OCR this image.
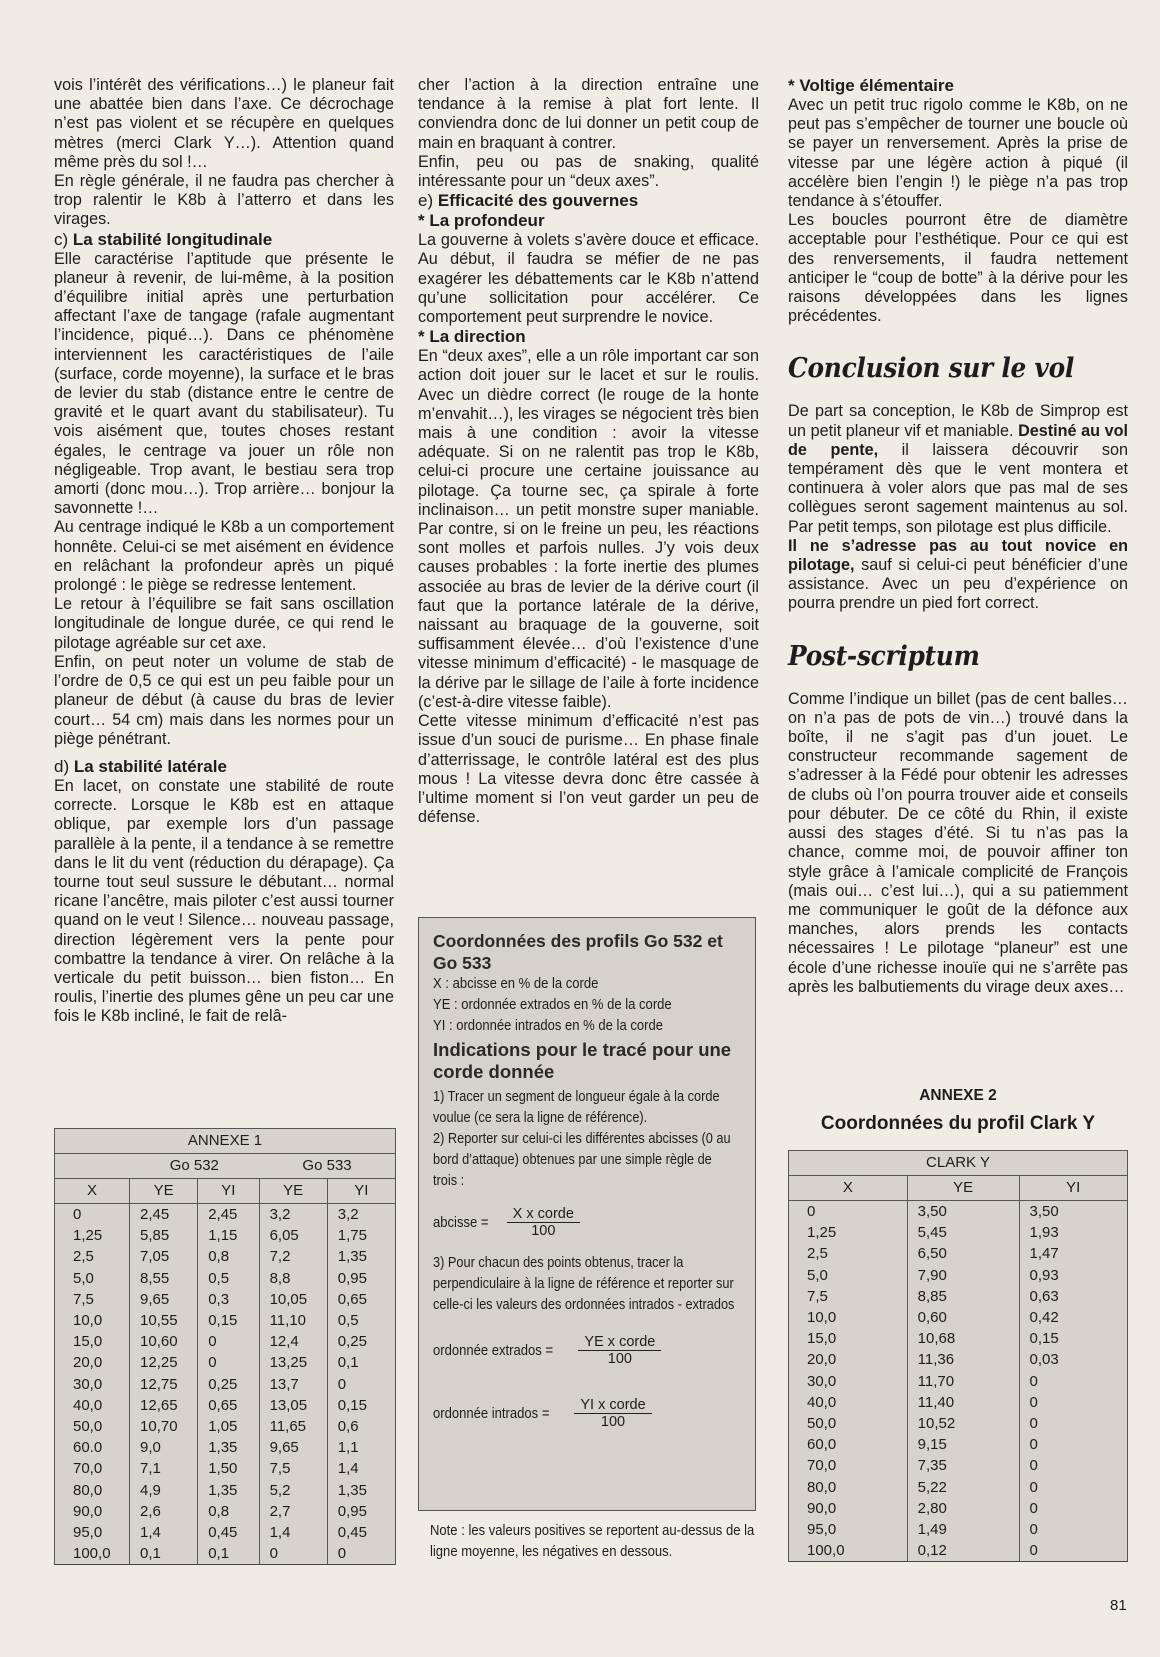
vois l’intérêt des vérifications…) le planeur fait une abattée bien dans l’axe. Ce décrochage n’est pas violent et se récupère en quelques mètres (merci Clark Y…). Attention quand même près du sol !…

En règle générale, il ne faudra pas chercher à trop ralentir le K8b à l’atterro et dans les virages.

c) La stabilité longitudinale

Elle caractérise l’aptitude que présente le planeur à revenir, de lui-même, à la position d’équilibre initial après une perturbation affectant l’axe de tangage (rafale augmentant l’incidence, piqué…). Dans ce phénomène interviennent les caractéristiques de l’aile (surface, corde moyenne), la surface et le bras de levier du stab (distance entre le centre de gravité et le quart avant du stabilisateur). Tu vois aisément que, toutes choses restant égales, le centrage va jouer un rôle non négligeable. Trop avant, le bestiau sera trop amorti (donc mou…). Trop arrière… bonjour la savonnette !…

Au centrage indiqué le K8b a un comportement honnête. Celui-ci se met aisément en évidence en relâchant la profondeur après un piqué prolongé : le piège se redresse lentement.

Le retour à l’équilibre se fait sans oscillation longitudinale de longue durée, ce qui rend le pilotage agréable sur cet axe.

Enfin, on peut noter un volume de stab de l’ordre de 0,5 ce qui est un peu faible pour un planeur de début (à cause du bras de levier court… 54 cm) mais dans les normes pour un piège pénétrant.

d) La stabilité latérale

En lacet, on constate une stabilité de route correcte. Lorsque le K8b est en attaque oblique, par exemple lors d’un passage parallèle à la pente, il a tendance à se remettre dans le lit du vent (réduction du dérapage). Ça tourne tout seul sussure le débutant… normal ricane l’ancêtre, mais piloter c’est aussi tourner quand on le veut ! Silence… nouveau passage, direction légèrement vers la pente pour combattre la tendance à virer. On relâche à la verticale du petit buisson… bien fiston… En roulis, l’inertie des plumes gêne un peu car une fois le K8b incliné, le fait de relâ-

cher l’action à la direction entraîne une tendance à la remise à plat fort lente. Il conviendra donc de lui donner un petit coup de main en braquant à contrer.

Enfin, peu ou pas de snaking, qualité intéressante pour un “deux axes”.

e) Efficacité des gouvernes

* La profondeur

La gouverne à volets s’avère douce et efficace. Au début, il faudra se méfier de ne pas exagérer les débattements car le K8b n’attend qu’une sollicitation pour accélérer. Ce comportement peut surprendre le novice.

* La direction

En “deux axes”, elle a un rôle important car son action doit jouer sur le lacet et sur le roulis. Avec un dièdre correct (le rouge de la honte m’envahit…), les virages se négocient très bien mais à une condition : avoir la vitesse adéquate. Si on ne ralentit pas trop le K8b, celui-ci procure une certaine jouissance au pilotage. Ça tourne sec, ça spirale à forte inclinaison… un petit monstre super maniable. Par contre, si on le freine un peu, les réactions sont molles et parfois nulles. J’y vois deux causes probables : la forte inertie des plumes associée au bras de levier de la dérive court (il faut que la portance latérale de la dérive, naissant au braquage de la gouverne, soit suffisamment élevée… d’où l’existence d’une vitesse minimum d’efficacité) - le masquage de la dérive par le sillage de l’aile à forte incidence (c’est-à-dire vitesse faible).

Cette vitesse minimum d’efficacité n’est pas issue d’un souci de purisme… En phase finale d’atterrissage, le contrôle latéral est des plus mous ! La vitesse devra donc être cassée à l’ultime moment si l’on veut garder un peu de défense.

* Voltige élémentaire

Avec un petit truc rigolo comme le K8b, on ne peut pas s’empêcher de tourner une boucle où se payer un renversement. Après la prise de vitesse par une légère action à piqué (il accélère bien l’engin !) le piège n’a pas trop tendance à s’étouffer.

Les boucles pourront être de diamètre acceptable pour l’esthétique. Pour ce qui est des renversements, il faudra nettement anticiper le “coup de botte” à la dérive pour les raisons développées dans les lignes précédentes.

Conclusion sur le vol

De part sa conception, le K8b de Simprop est un petit planeur vif et maniable. Destiné au vol de pente, il laissera découvrir son tempérament dès que le vent montera et continuera à voler alors que pas mal de ses collègues seront sagement maintenus au sol. Par petit temps, son pilotage est plus difficile.

Il ne s’adresse pas au tout novice en pilotage, sauf si celui-ci peut bénéficier d’une assistance. Avec un peu d’expérience on pourra prendre un pied fort correct.

Post-scriptum

Comme l’indique un billet (pas de cent balles… on n’a pas de pots de vin…) trouvé dans la boîte, il ne s’agit pas d’un jouet. Le constructeur recommande sagement de s’adresser à la Fédé pour obtenir les adresses de clubs où l’on pourra trouver aide et conseils pour débuter. De ce côté du Rhin, il existe aussi des stages d’été. Si tu n’as pas la chance, comme moi, de pouvoir affiner ton style grâce à l’amicale complicité de François (mais oui… c’est lui…), qui a su patiemment me communiquer le goût de la défonce aux manches, alors prends les contacts nécessaires ! Le pilotage “planeur” est une école d’une richesse inouïe qui ne s’arrête pas après les balbutiements du virage deux axes…

Coordonnées des profils Go 532 et Go 533

X : abcisse en % de la corde

YE : ordonnée extrados en % de la corde

YI : ordonnée intrados en % de la corde

Indications pour le tracé pour une corde donnée

1) Tracer un segment de longueur égale à la corde voulue (ce sera la ligne de référence).

2) Reporter sur celui-ci les différentes abcisses (0 au bord d’attaque) obtenues par une simple règle de trois :

abcisse = $\frac{\text{X x corde}}{100}$

3) Pour chacun des points obtenus, tracer la perpendiculaire à la ligne de référence et reporter sur celle-ci les valeurs des ordonnées intrados - extrados

ordonnée extrados = $\frac{\text{YE x corde}}{100}$
ordonnée intrados = $\frac{\text{YI x corde}}{100}$

Note : les valeurs positives se reportent au-dessus de la ligne moyenne, les négatives en dessous.

ANNEXE 1				
	Go 532		Go 533	
X	YE	YI	YE	YI
0	2,45	2,45	3,2	3,2
1,25	5,85	1,15	6,05	1,75
2,5	7,05	0,8	7,2	1,35
5,0	8,55	0,5	8,8	0,95
7,5	9,65	0,3	10,05	0,65
10,0	10,55	0,15	11,10	0,5
15,0	10,60	0	12,4	0,25
20,0	12,25	0	13,25	0,1
30,0	12,75	0,25	13,7	0
40,0	12,65	0,65	13,05	0,15
50,0	10,70	1,05	11,65	0,6
60.0	9,0	1,35	9,65	1,1
70,0	7,1	1,50	7,5	1,4
80,0	4,9	1,35	5,2	1,35
90,0	2,6	0,8	2,7	0,95
95,0	1,4	0,45	1,4	0,45
100,0	0,1	0,1	0	0
ANNEXE 2
Coordonnées du profil Clark Y
CLARK Y		
X	YE	YI
0	3,50	3,50
1,25	5,45	1,93
2,5	6,50	1,47
5,0	7,90	0,93
7,5	8,85	0,63
10,0	0,60	0,42
15,0	10,68	0,15
20,0	11,36	0,03
30,0	11,70	0
40,0	11,40	0
50,0	10,52	0
60,0	9,15	0
70,0	7,35	0
80,0	5,22	0
90,0	2,80	0
95,0	1,49	0
100,0	0,12	0
81
